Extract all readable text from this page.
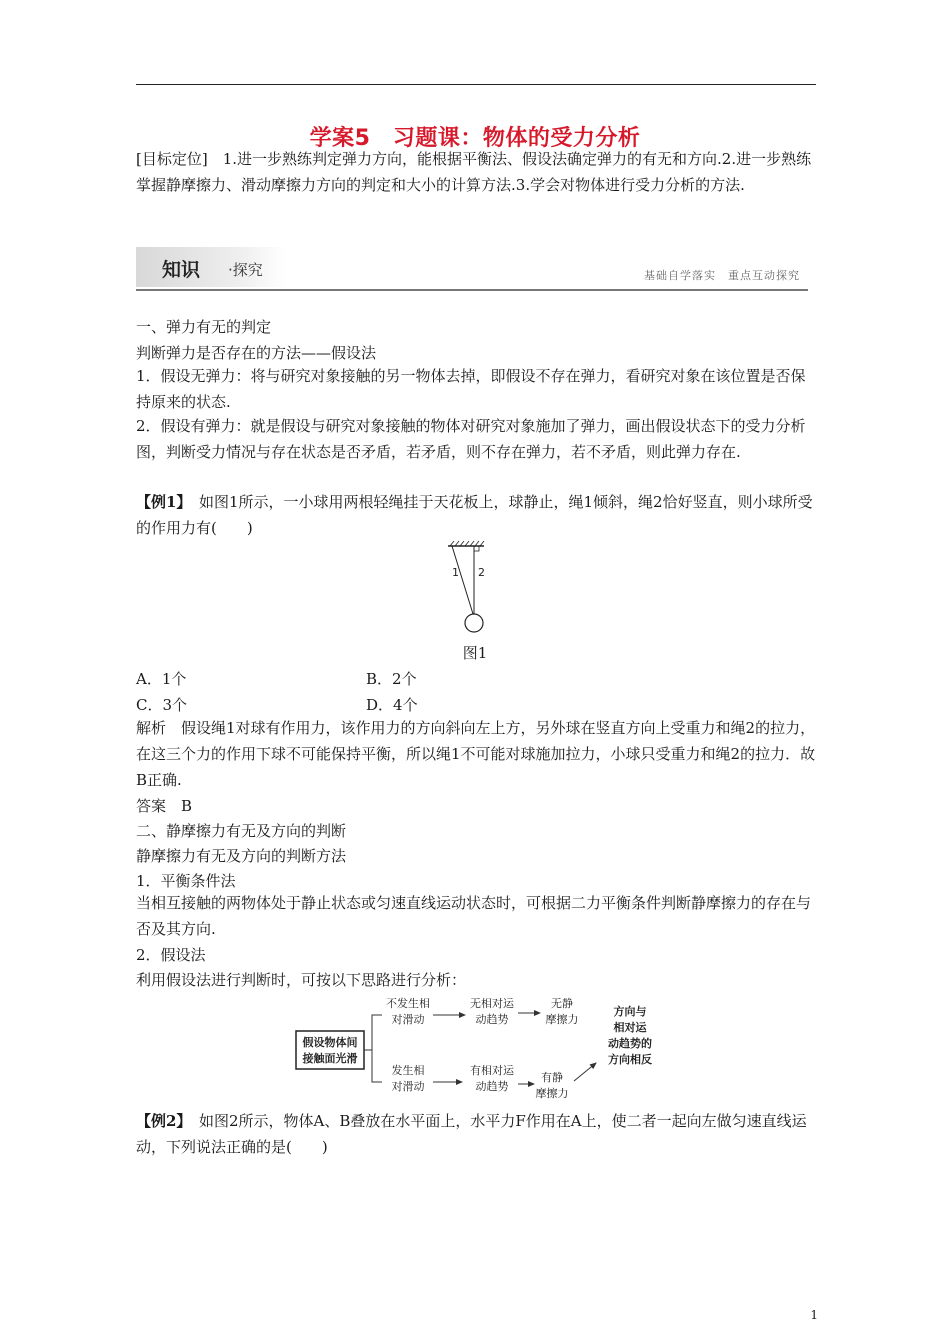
学案5　习题课：物体的受力分析
[目标定位]　1.进一步熟练判定弹力方向，能根据平衡法、假设法确定弹力的有无和方向.2.进一步熟练掌握静摩擦力、滑动摩擦力方向的判定和大小的计算方法.3.学会对物体进行受力分析的方法.
知识 ·探究	基础自学落实　重点互动探究
一、弹力有无的判定
判断弹力是否存在的方法——假设法
1．假设无弹力：将与研究对象接触的另一物体去掉，即假设不存在弹力，看研究对象在该位置是否保持原来的状态.
2．假设有弹力：就是假设与研究对象接触的物体对研究对象施加了弹力，画出假设状态下的受力分析图，判断受力情况与存在状态是否矛盾，若矛盾，则不存在弹力，若不矛盾，则此弹力存在.
【例1】　如图1所示，一小球用两根轻绳挂于天花板上，球静止，绳1倾斜，绳2恰好竖直，则小球所受的作用力有(　　)
1 2
图1
A．1个	B．2个
C．3个	D．4个
解析　假设绳1对球有作用力，该作用力的方向斜向左上方，另外球在竖直方向上受重力和绳2的拉力，在这三个力的作用下球不可能保持平衡，所以绳1不可能对球施加拉力，小球只受重力和绳2的拉力．故B正确.
答案　B
二、静摩擦力有无及方向的判断
静摩擦力有无及方向的判断方法
1．平衡条件法
当相互接触的两物体处于静止状态或匀速直线运动状态时，可根据二力平衡条件判断静摩擦力的存在与否及其方向.
2．假设法
利用假设法进行判断时，可按以下思路进行分析：
假设物体间
接触面光滑
不发生相
对滑动
无相对运
动趋势
无静
摩擦力
发生相
对滑动
有相对运
动趋势
有静
摩擦力
方向与
相对运
动趋势的
方向相反
【例2】　如图2所示，物体A、B叠放在水平面上，水平力F作用在A上，使二者一起向左做匀速直线运动，下列说法正确的是(　　)
1
